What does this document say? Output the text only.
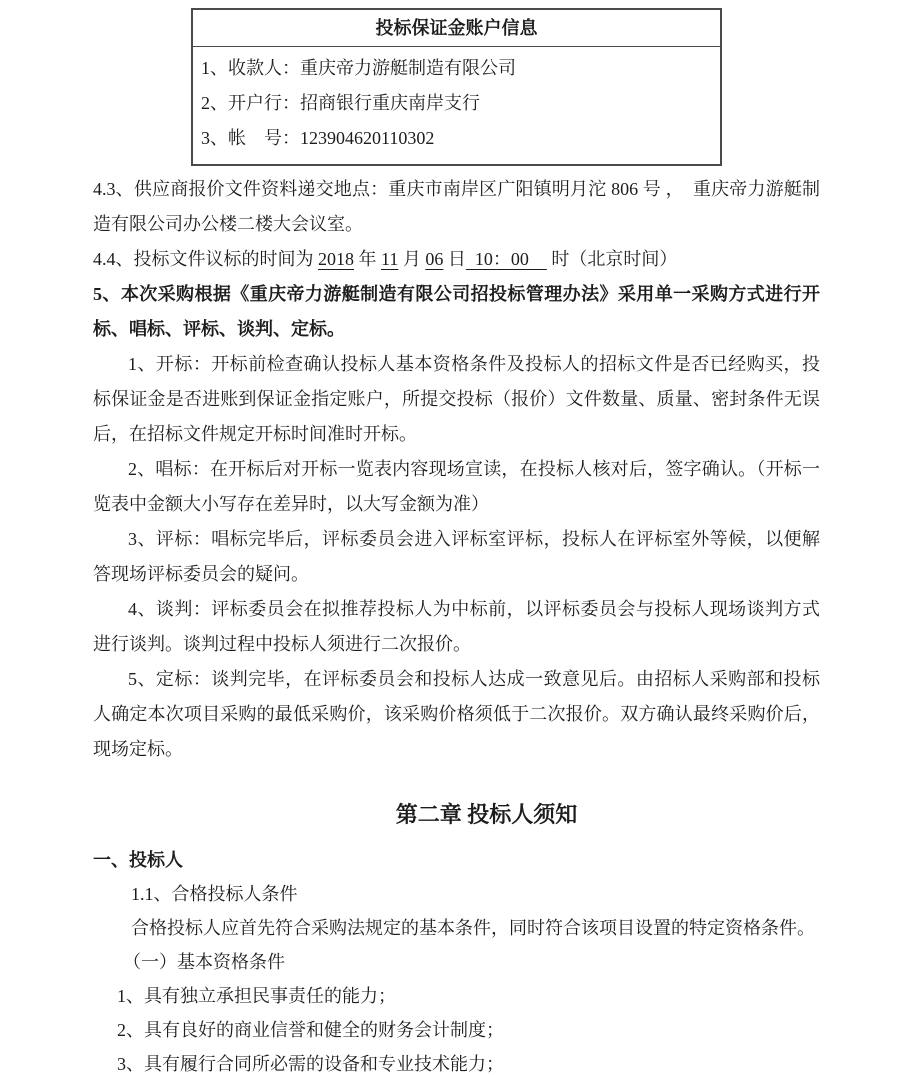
投标保证金账户信息

1、收款人：重庆帝力游艇制造有限公司
2、开户行：招商银行重庆南岸支行
3、帐　号：123904620110302

4.3、供应商报价文件资料递交地点：重庆市南岸区广阳镇明月沱 806 号 ，　重庆帝力游艇制造有限公司办公楼二楼大会议室。

4.4、投标文件议标的时间为 2018 年 11 月 06 日  10：00     时（北京时间）

5、本次采购根据《重庆帝力游艇制造有限公司招投标管理办法》采用单一采购方式进行开标、唱标、评标、谈判、定标。

1、开标：开标前检查确认投标人基本资格条件及投标人的招标文件是否已经购买，投标保证金是否进账到保证金指定账户，所提交投标（报价）文件数量、质量、密封条件无误后，在招标文件规定开标时间准时开标。

2、唱标：在开标后对开标一览表内容现场宣读，在投标人核对后，签字确认。（开标一览表中金额大小写存在差异时，以大写金额为准）

3、评标：唱标完毕后，评标委员会进入评标室评标，投标人在评标室外等候，以便解答现场评标委员会的疑问。

4、谈判：评标委员会在拟推荐投标人为中标前，以评标委员会与投标人现场谈判方式进行谈判。谈判过程中投标人须进行二次报价。

5、定标：谈判完毕，在评标委员会和投标人达成一致意见后。由招标人采购部和投标人确定本次项目采购的最低采购价，该采购价格须低于二次报价。双方确认最终采购价后，现场定标。

第二章 投标人须知

一、投标人

1.1、合格投标人条件

合格投标人应首先符合采购法规定的基本条件，同时符合该项目设置的特定资格条件。

（一）基本资格条件

1、具有独立承担民事责任的能力；

2、具有良好的商业信誉和健全的财务会计制度；

3、具有履行合同所必需的设备和专业技术能力；
